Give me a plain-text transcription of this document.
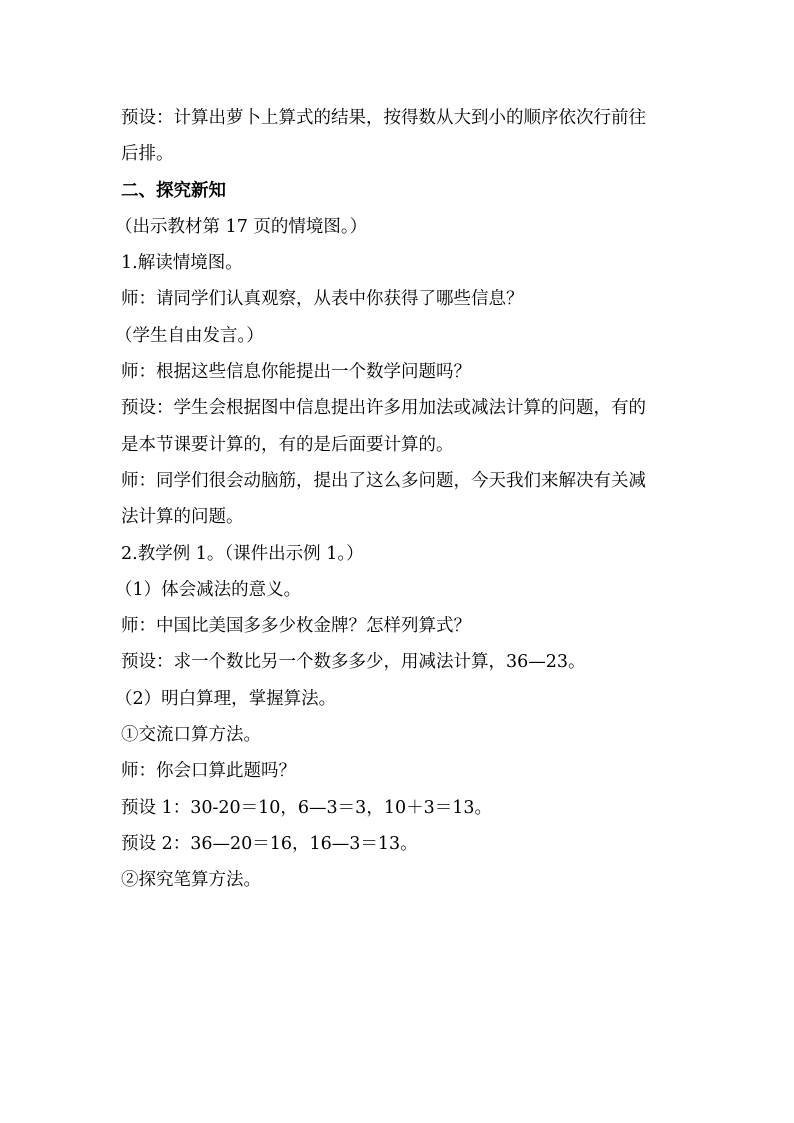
预设：计算出萝卜上算式的结果，按得数从大到小的顺序依次行前往
后排。
二、探究新知
（出示教材第 17 页的情境图。）
1.解读情境图。
师：请同学们认真观察，从表中你获得了哪些信息？
（学生自由发言。）
师：根据这些信息你能提出一个数学问题吗？
预设：学生会根据图中信息提出许多用加法或减法计算的问题，有的
是本节课要计算的，有的是后面要计算的。
师：同学们很会动脑筋，提出了这么多问题，今天我们来解决有关减
法计算的问题。
2.教学例 1。（课件出示例 1。）
（1）体会减法的意义。
师：中国比美国多多少枚金牌？怎样列算式？
预设：求一个数比另一个数多多少，用减法计算，36—23。
（2）明白算理，掌握算法。
①交流口算方法。
师：你会口算此题吗？
预设 1：30-20＝10，6—3＝3，10＋3＝13。
预设 2：36—20＝16，16—3＝13。
②探究笔算方法。
